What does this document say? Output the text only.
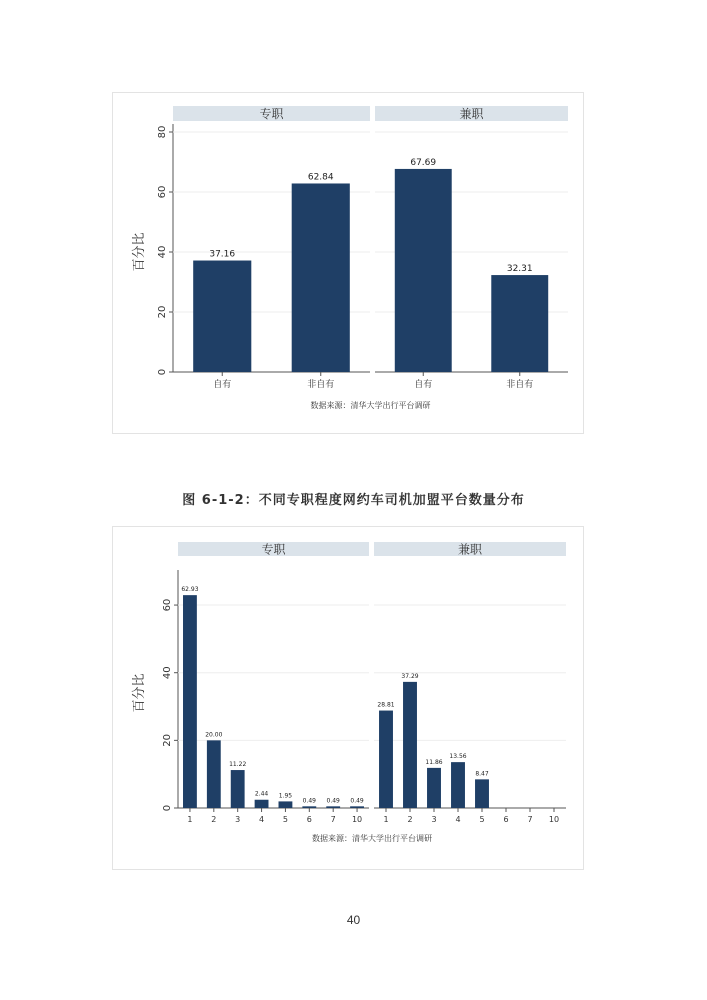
百分比
0
20
40
60
80
专职
37.16
自有
62.84
非自有
兼职
67.69
自有
32.31
非自有
数据来源：清华大学出行平台调研
图 6-1-2：不同专职程度网约车司机加盟平台数量分布
百分比
0
20
40
60
专职
62.93
1
20.00
2
11.22
3
2.44
4
1.95
5
0.49
6
0.49
7
0.49
10
兼职
28.81
1
37.29
2
11.86
3
13.56
4
8.47
5 6 7 10
数据来源：清华大学出行平台调研
40
